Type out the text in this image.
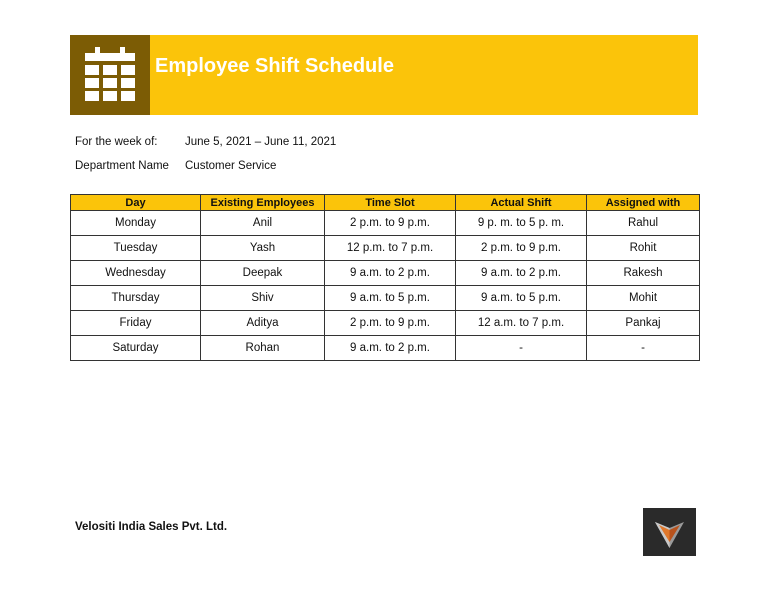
Employee Shift Schedule
For the week of: June 5, 2021 – June 11, 2021
Department Name Customer Service
Day	Existing Employees	Time Slot	Actual Shift	Assigned with
Monday	Anil	2 p.m. to 9 p.m.	9 p. m. to 5 p. m.	Rahul
Tuesday	Yash	12 p.m. to 7 p.m.	2 p.m. to 9 p.m.	Rohit
Wednesday	Deepak	9 a.m. to 2 p.m.	9 a.m. to 2 p.m.	Rakesh
Thursday	Shiv	9 a.m. to 5 p.m.	9 a.m. to 5 p.m.	Mohit
Friday	Aditya	2 p.m. to 9 p.m.	12 a.m. to 7 p.m.	Pankaj
Saturday	Rohan	9 a.m. to 2 p.m.	-	-
Velositi India Sales Pvt. Ltd.
